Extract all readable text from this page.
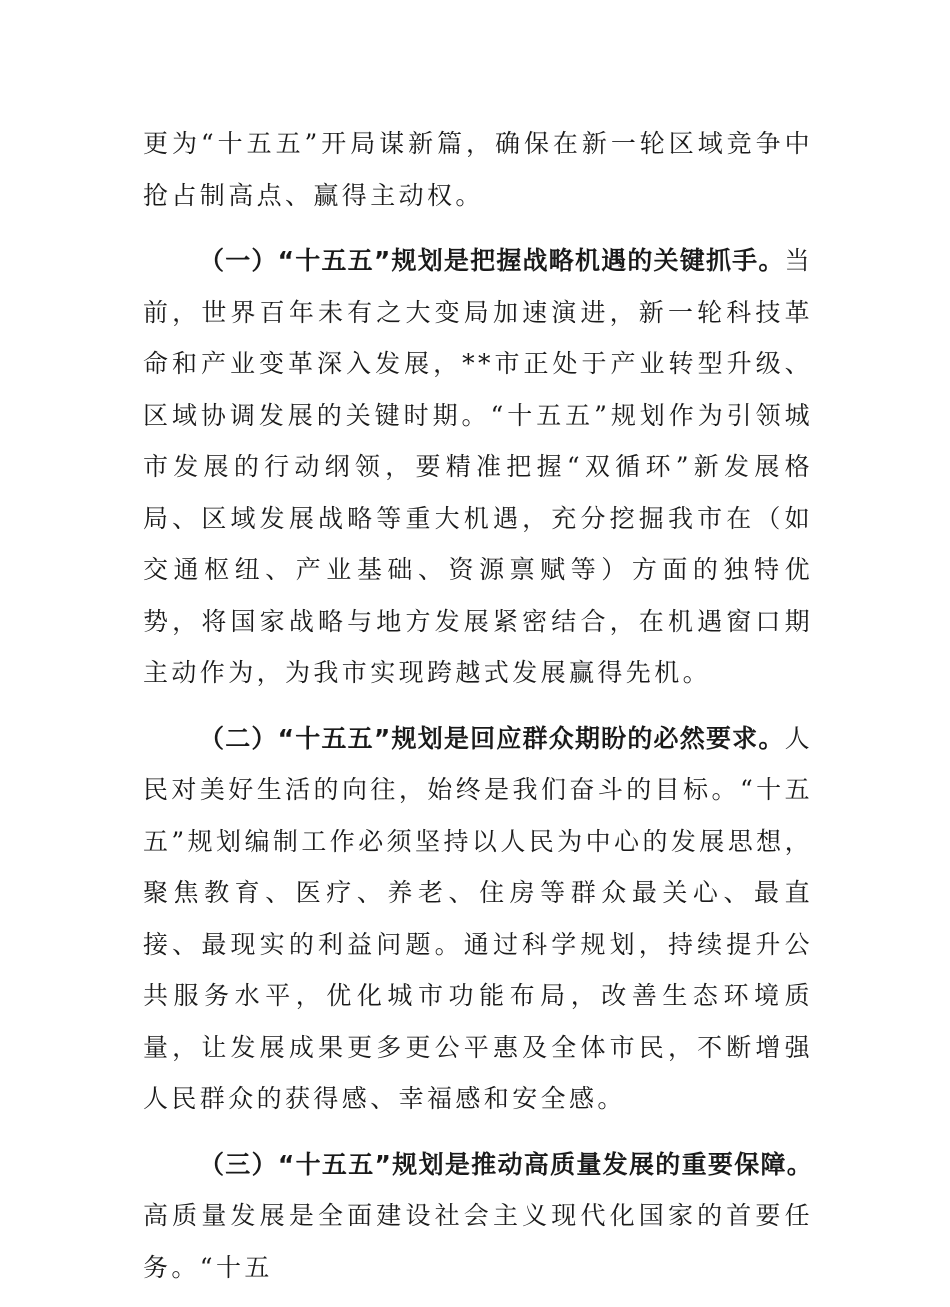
更为“十五五”开局谋新篇，确保在新一轮区域竞争中抢占制高点、赢得主动权。

（一）“十五五”规划是把握战略机遇的关键抓手。当前，世界百年未有之大变局加速演进，新一轮科技革命和产业变革深入发展，**市正处于产业转型升级、区域协调发展的关键时期。“十五五”规划作为引领城市发展的行动纲领，要精准把握“双循环”新发展格局、区域发展战略等重大机遇，充分挖掘我市在（如交通枢纽、产业基础、资源禀赋等）方面的独特优势，将国家战略与地方发展紧密结合，在机遇窗口期主动作为，为我市实现跨越式发展赢得先机。

（二）“十五五”规划是回应群众期盼的必然要求。人民对美好生活的向往，始终是我们奋斗的目标。“十五五”规划编制工作必须坚持以人民为中心的发展思想，聚焦教育、医疗、养老、住房等群众最关心、最直接、最现实的利益问题。通过科学规划，持续提升公共服务水平，优化城市功能布局，改善生态环境质量，让发展成果更多更公平惠及全体市民，不断增强人民群众的获得感、幸福感和安全感。

（三）“十五五”规划是推动高质量发展的重要保障。高质量发展是全面建设社会主义现代化国家的首要任务。“十五
